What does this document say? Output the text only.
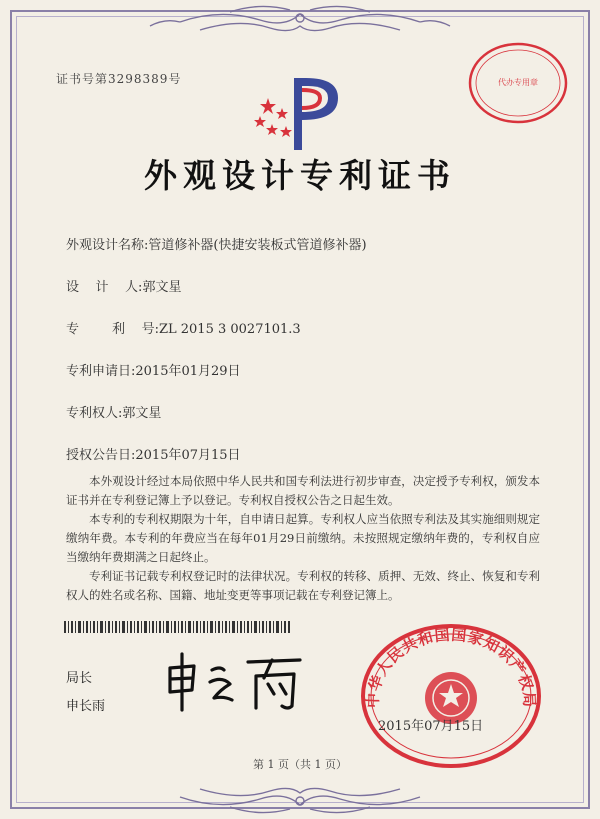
证书号第3298389号	代办专用章
外观设计专利证书
外观设计名称:管道修补器(快捷安装板式管道修补器)
设    计    人:郭文星
专        利    号:ZL 2015 3 0027101.3
专利申请日:2015年01月29日
专利权人:郭文星
授权公告日:2015年07月15日

本外观设计经过本局依照中华人民共和国专利法进行初步审查，决定授予专利权，颁发本证书并在专利登记簿上予以登记。专利权自授权公告之日起生效。

本专利的专利权期限为十年，自申请日起算。专利权人应当依照专利法及其实施细则规定缴纳年费。本专利的年费应当在每年01月29日前缴纳。未按照规定缴纳年费的，专利权自应当缴纳年费期满之日起终止。

专利证书记载专利权登记时的法律状况。专利权的转移、质押、无效、终止、恢复和专利权人的姓名或名称、国籍、地址变更等事项记载在专利登记簿上。

局长
申长雨	中华人民共和国国家知识产权局
2015年07月15日
第 1 页（共 1 页）
